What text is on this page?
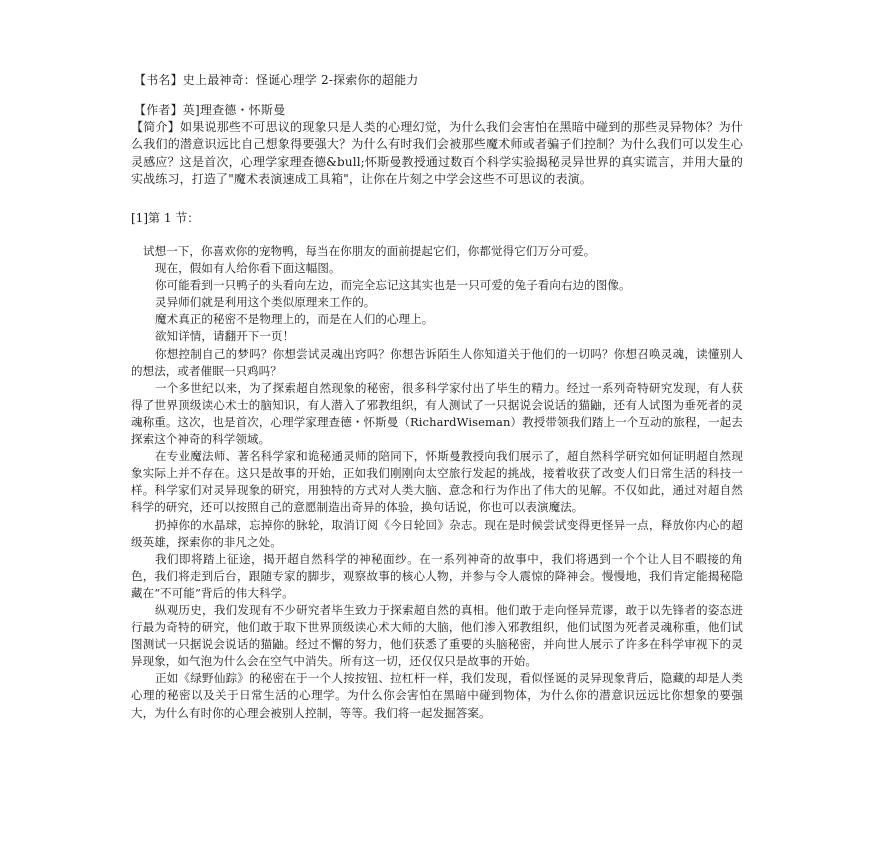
【书名】史上最神奇：怪诞心理学 2-探索你的超能力
【作者】英]理查德・怀斯曼
【简介】如果说那些不可思议的现象只是人类的心理幻觉，为什么我们会害怕在黑暗中碰到的那些灵异物体？为什么我们的潜意识远比自己想象得要强大？为什么有时我们会被那些魔术师或者骗子们控制？为什么我们可以发生心灵感应？这是首次，心理学家理查德&bull;怀斯曼教授通过数百个科学实验揭秘灵异世界的真实谎言，并用大量的实战练习，打造了"魔术表演速成工具箱"，让你在片刻之中学会这些不可思议的表演。
[1]第 1 节：

试想一下，你喜欢你的宠物鸭，每当在你朋友的面前提起它们，你都觉得它们万分可爱。

现在，假如有人给你看下面这幅图。

你可能看到一只鸭子的头看向左边，而完全忘记这其实也是一只可爱的兔子看向右边的图像。

灵异师们就是利用这个类似原理来工作的。

魔术真正的秘密不是物理上的，而是在人们的心理上。

欲知详情，请翻开下一页！

你想控制自己的梦吗？你想尝试灵魂出窍吗？你想告诉陌生人你知道关于他们的一切吗？你想召唤灵魂，读懂别人的想法，或者催眠一只鸡吗？

一个多世纪以来，为了探索超自然现象的秘密，很多科学家付出了毕生的精力。经过一系列奇特研究发现，有人获得了世界顶级读心术士的脑知识，有人潜入了邪教组织，有人测试了一只据说会说话的猫鼬，还有人试图为垂死者的灵魂称重。这次，也是首次，心理学家理查德・怀斯曼（RichardWiseman）教授带领我们踏上一个互动的旅程，一起去探索这个神奇的科学领域。

在专业魔法师、著名科学家和诡秘通灵师的陪同下，怀斯曼教授向我们展示了，超自然科学研究如何证明超自然现象实际上并不存在。这只是故事的开始，正如我们刚刚向太空旅行发起的挑战，接着收获了改变人们日常生活的科技一样。科学家们对灵异现象的研究，用独特的方式对人类大脑、意念和行为作出了伟大的见解。不仅如此，通过对超自然科学的研究，还可以按照自己的意愿制造出奇异的体验，换句话说，你也可以表演魔法。

扔掉你的水晶球，忘掉你的脉轮，取消订阅《今日轮回》杂志。现在是时候尝试变得更怪异一点，释放你内心的超级英雄，探索你的非凡之处。

我们即将踏上征途，揭开超自然科学的神秘面纱。在一系列神奇的故事中，我们将遇到一个个让人目不暇接的角色，我们将走到后台，跟随专家的脚步，观察故事的核心人物，并参与令人震惊的降神会。慢慢地，我们肯定能揭秘隐藏在“不可能”背后的伟大科学。

纵观历史，我们发现有不少研究者毕生致力于探索超自然的真相。他们敢于走向怪异荒谬，敢于以先锋者的姿态进行最为奇特的研究，他们敢于取下世界顶级读心术大师的大脑，他们渗入邪教组织，他们试图为死者灵魂称重，他们试图测试一只据说会说话的猫鼬。经过不懈的努力，他们获悉了重要的头脑秘密，并向世人展示了许多在科学审视下的灵异现象，如气泡为什么会在空气中消失。所有这一切，还仅仅只是故事的开始。

正如《绿野仙踪》的秘密在于一个人按按钮、拉杠杆一样，我们发现，看似怪诞的灵异现象背后，隐藏的却是人类心理的秘密以及关于日常生活的心理学。为什么你会害怕在黑暗中碰到物体，为什么你的潜意识远远比你想象的要强大，为什么有时你的心理会被别人控制，等等。我们将一起发掘答案。
